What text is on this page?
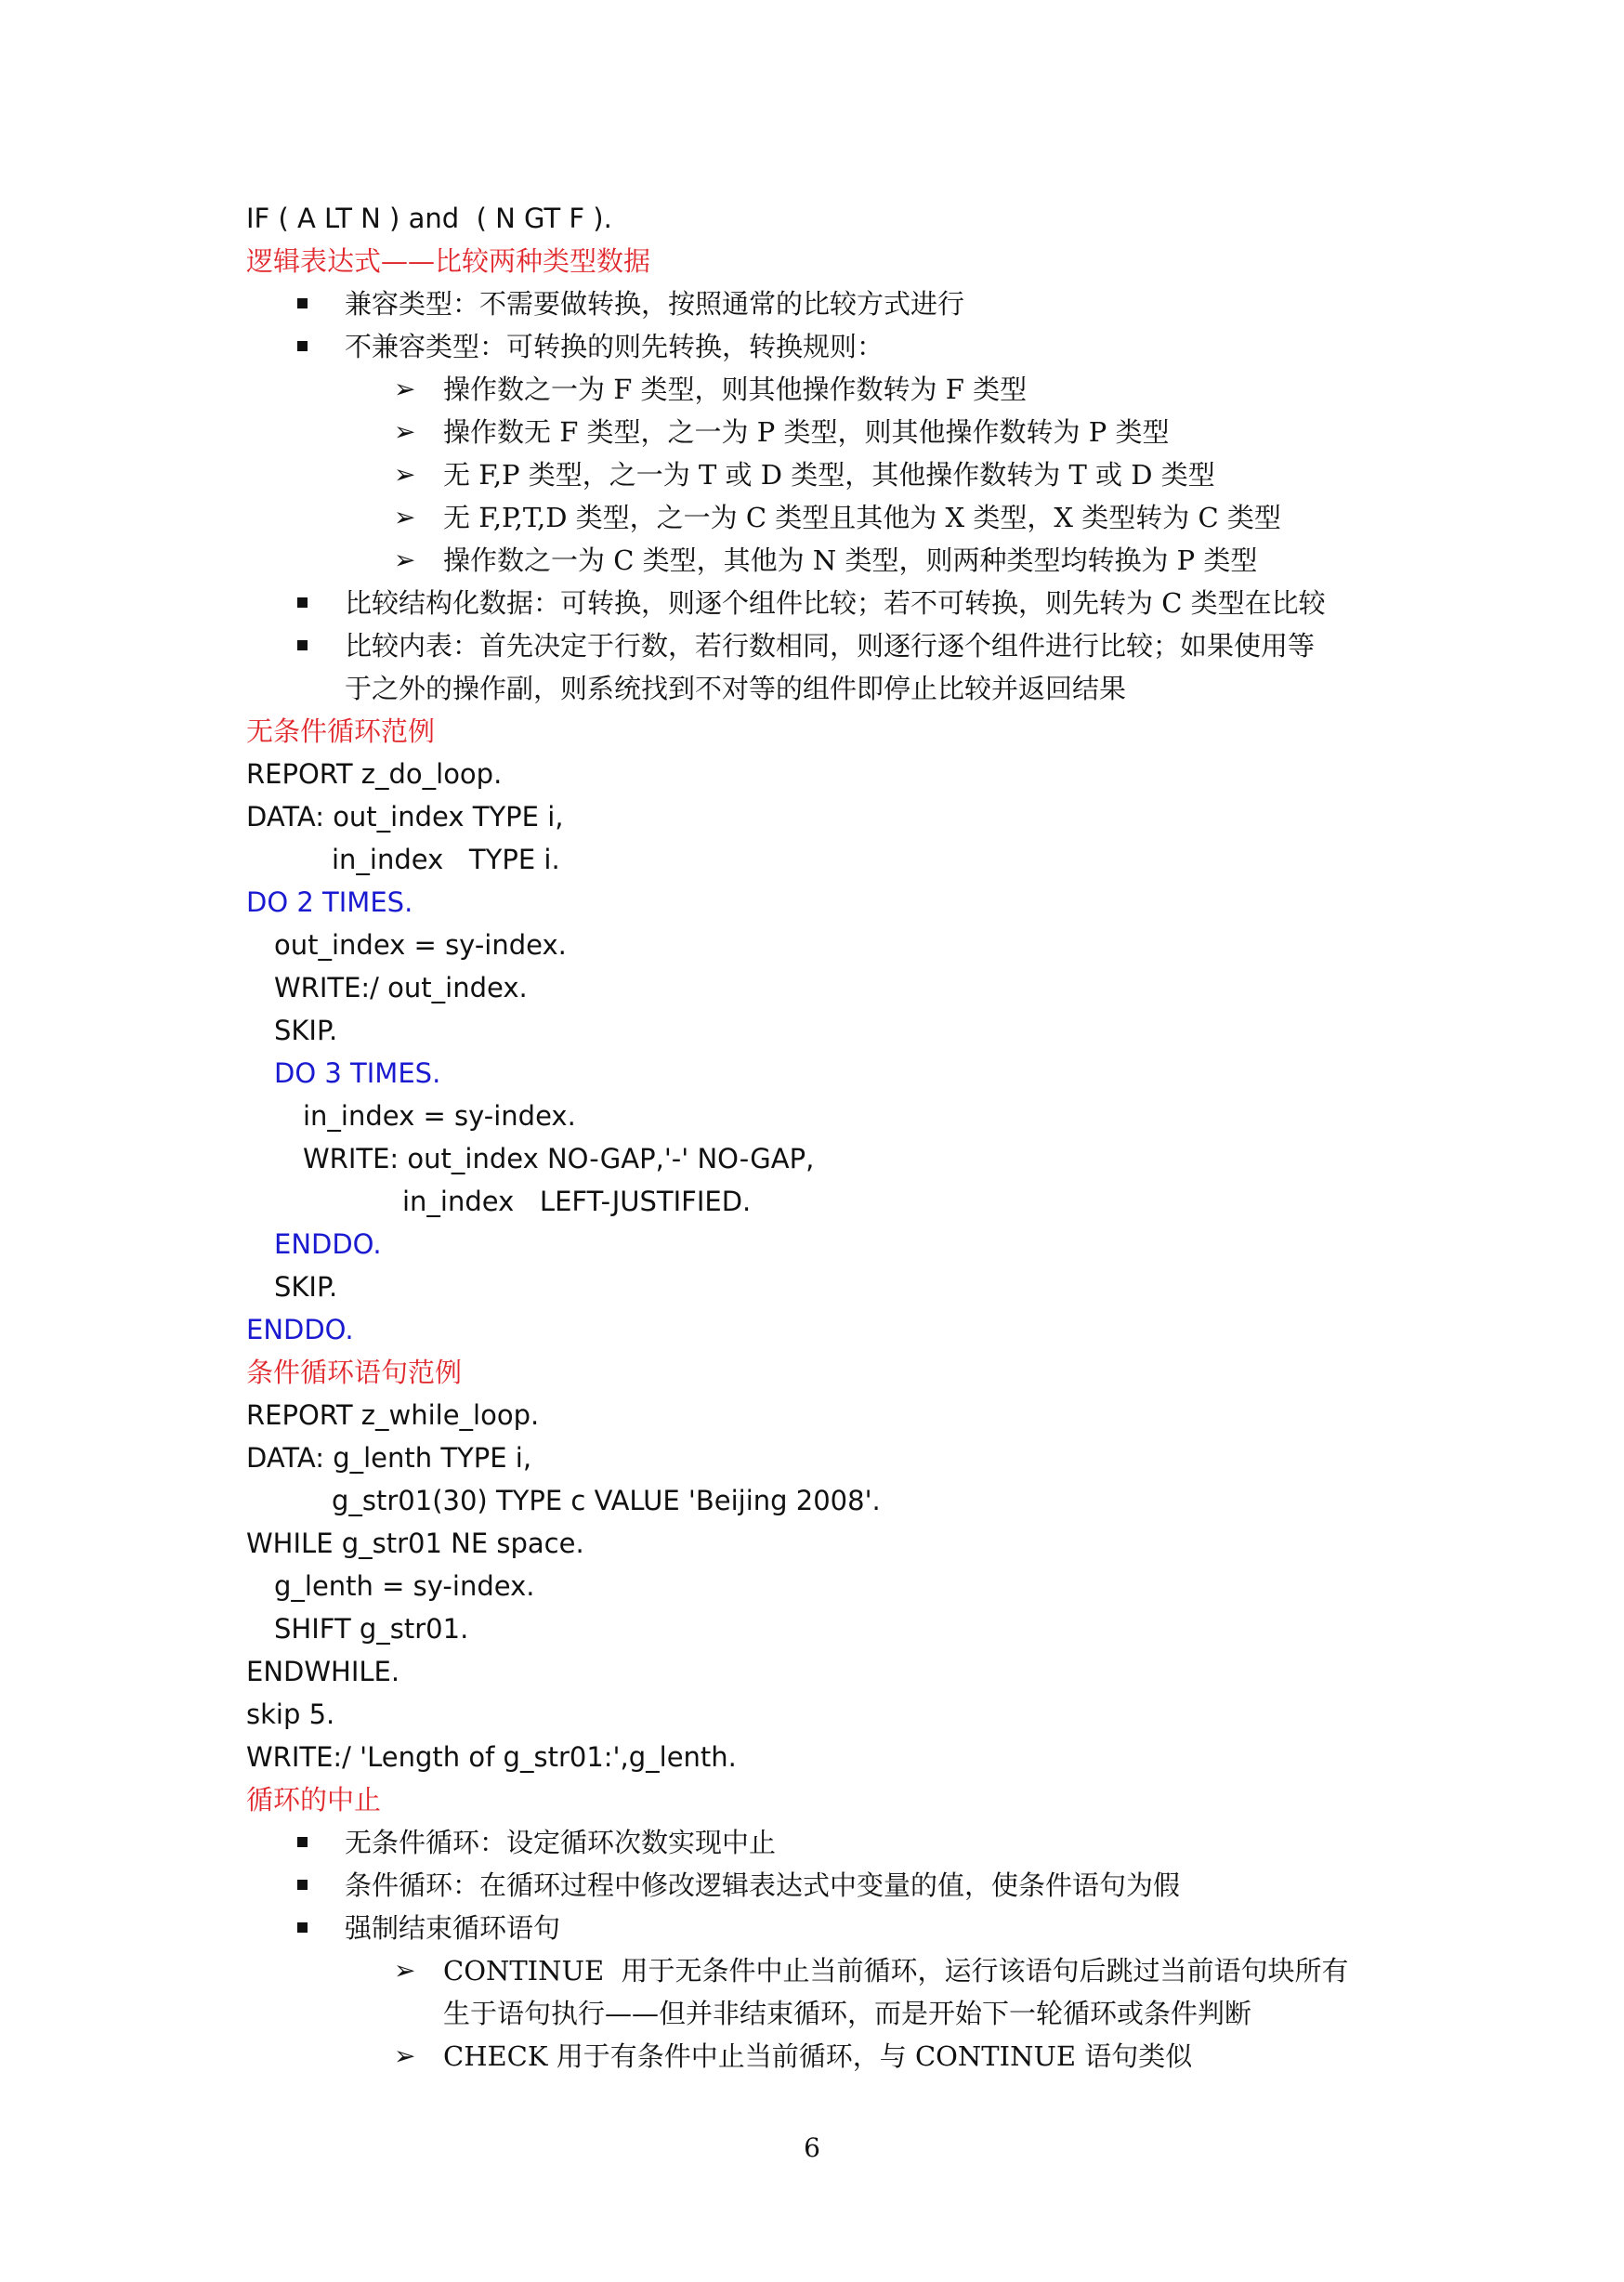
IF ( A LT N ) and  ( N GT F ).
逻辑表达式——比较两种类型数据
兼容类型：不需要做转换，按照通常的比较方式进行
不兼容类型：可转换的则先转换，转换规则：
➢ 操作数之一为 F 类型，则其他操作数转为 F 类型
➢ 操作数无 F 类型，之一为 P 类型，则其他操作数转为 P 类型
➢ 无 F,P 类型，之一为 T 或 D 类型，其他操作数转为 T 或 D 类型
➢ 无 F,P,T,D 类型，之一为 C 类型且其他为 X 类型，X 类型转为 C 类型
➢ 操作数之一为 C 类型，其他为 N 类型，则两种类型均转换为 P 类型
比较结构化数据：可转换，则逐个组件比较；若不可转换，则先转为 C 类型在比较
比较内表：首先决定于行数，若行数相同，则逐行逐个组件进行比较；如果使用等
于之外的操作副，则系统找到不对等的组件即停止比较并返回结果
无条件循环范例
REPORT z_do_loop.
DATA: out_index TYPE i,
in_index   TYPE i.
DO 2 TIMES.
out_index = sy-index.
WRITE:/ out_index.
SKIP.
DO 3 TIMES.
in_index = sy-index.
WRITE: out_index NO-GAP,'-' NO-GAP,
in_index   LEFT-JUSTIFIED.
ENDDO.
SKIP.
ENDDO.
条件循环语句范例
REPORT z_while_loop.
DATA: g_lenth TYPE i,
g_str01(30) TYPE c VALUE 'Beijing 2008'.
WHILE g_str01 NE space.
g_lenth = sy-index.
SHIFT g_str01.
ENDWHILE.
skip 5.
WRITE:/ 'Length of g_str01:',g_lenth.
循环的中止
无条件循环：设定循环次数实现中止
条件循环：在循环过程中修改逻辑表达式中变量的值，使条件语句为假
强制结束循环语句
➢ CONTINUE  用于无条件中止当前循环，运行该语句后跳过当前语句块所有
生于语句执行——但并非结束循环，而是开始下一轮循环或条件判断
➢ CHECK 用于有条件中止当前循环，与 CONTINUE 语句类似
6
